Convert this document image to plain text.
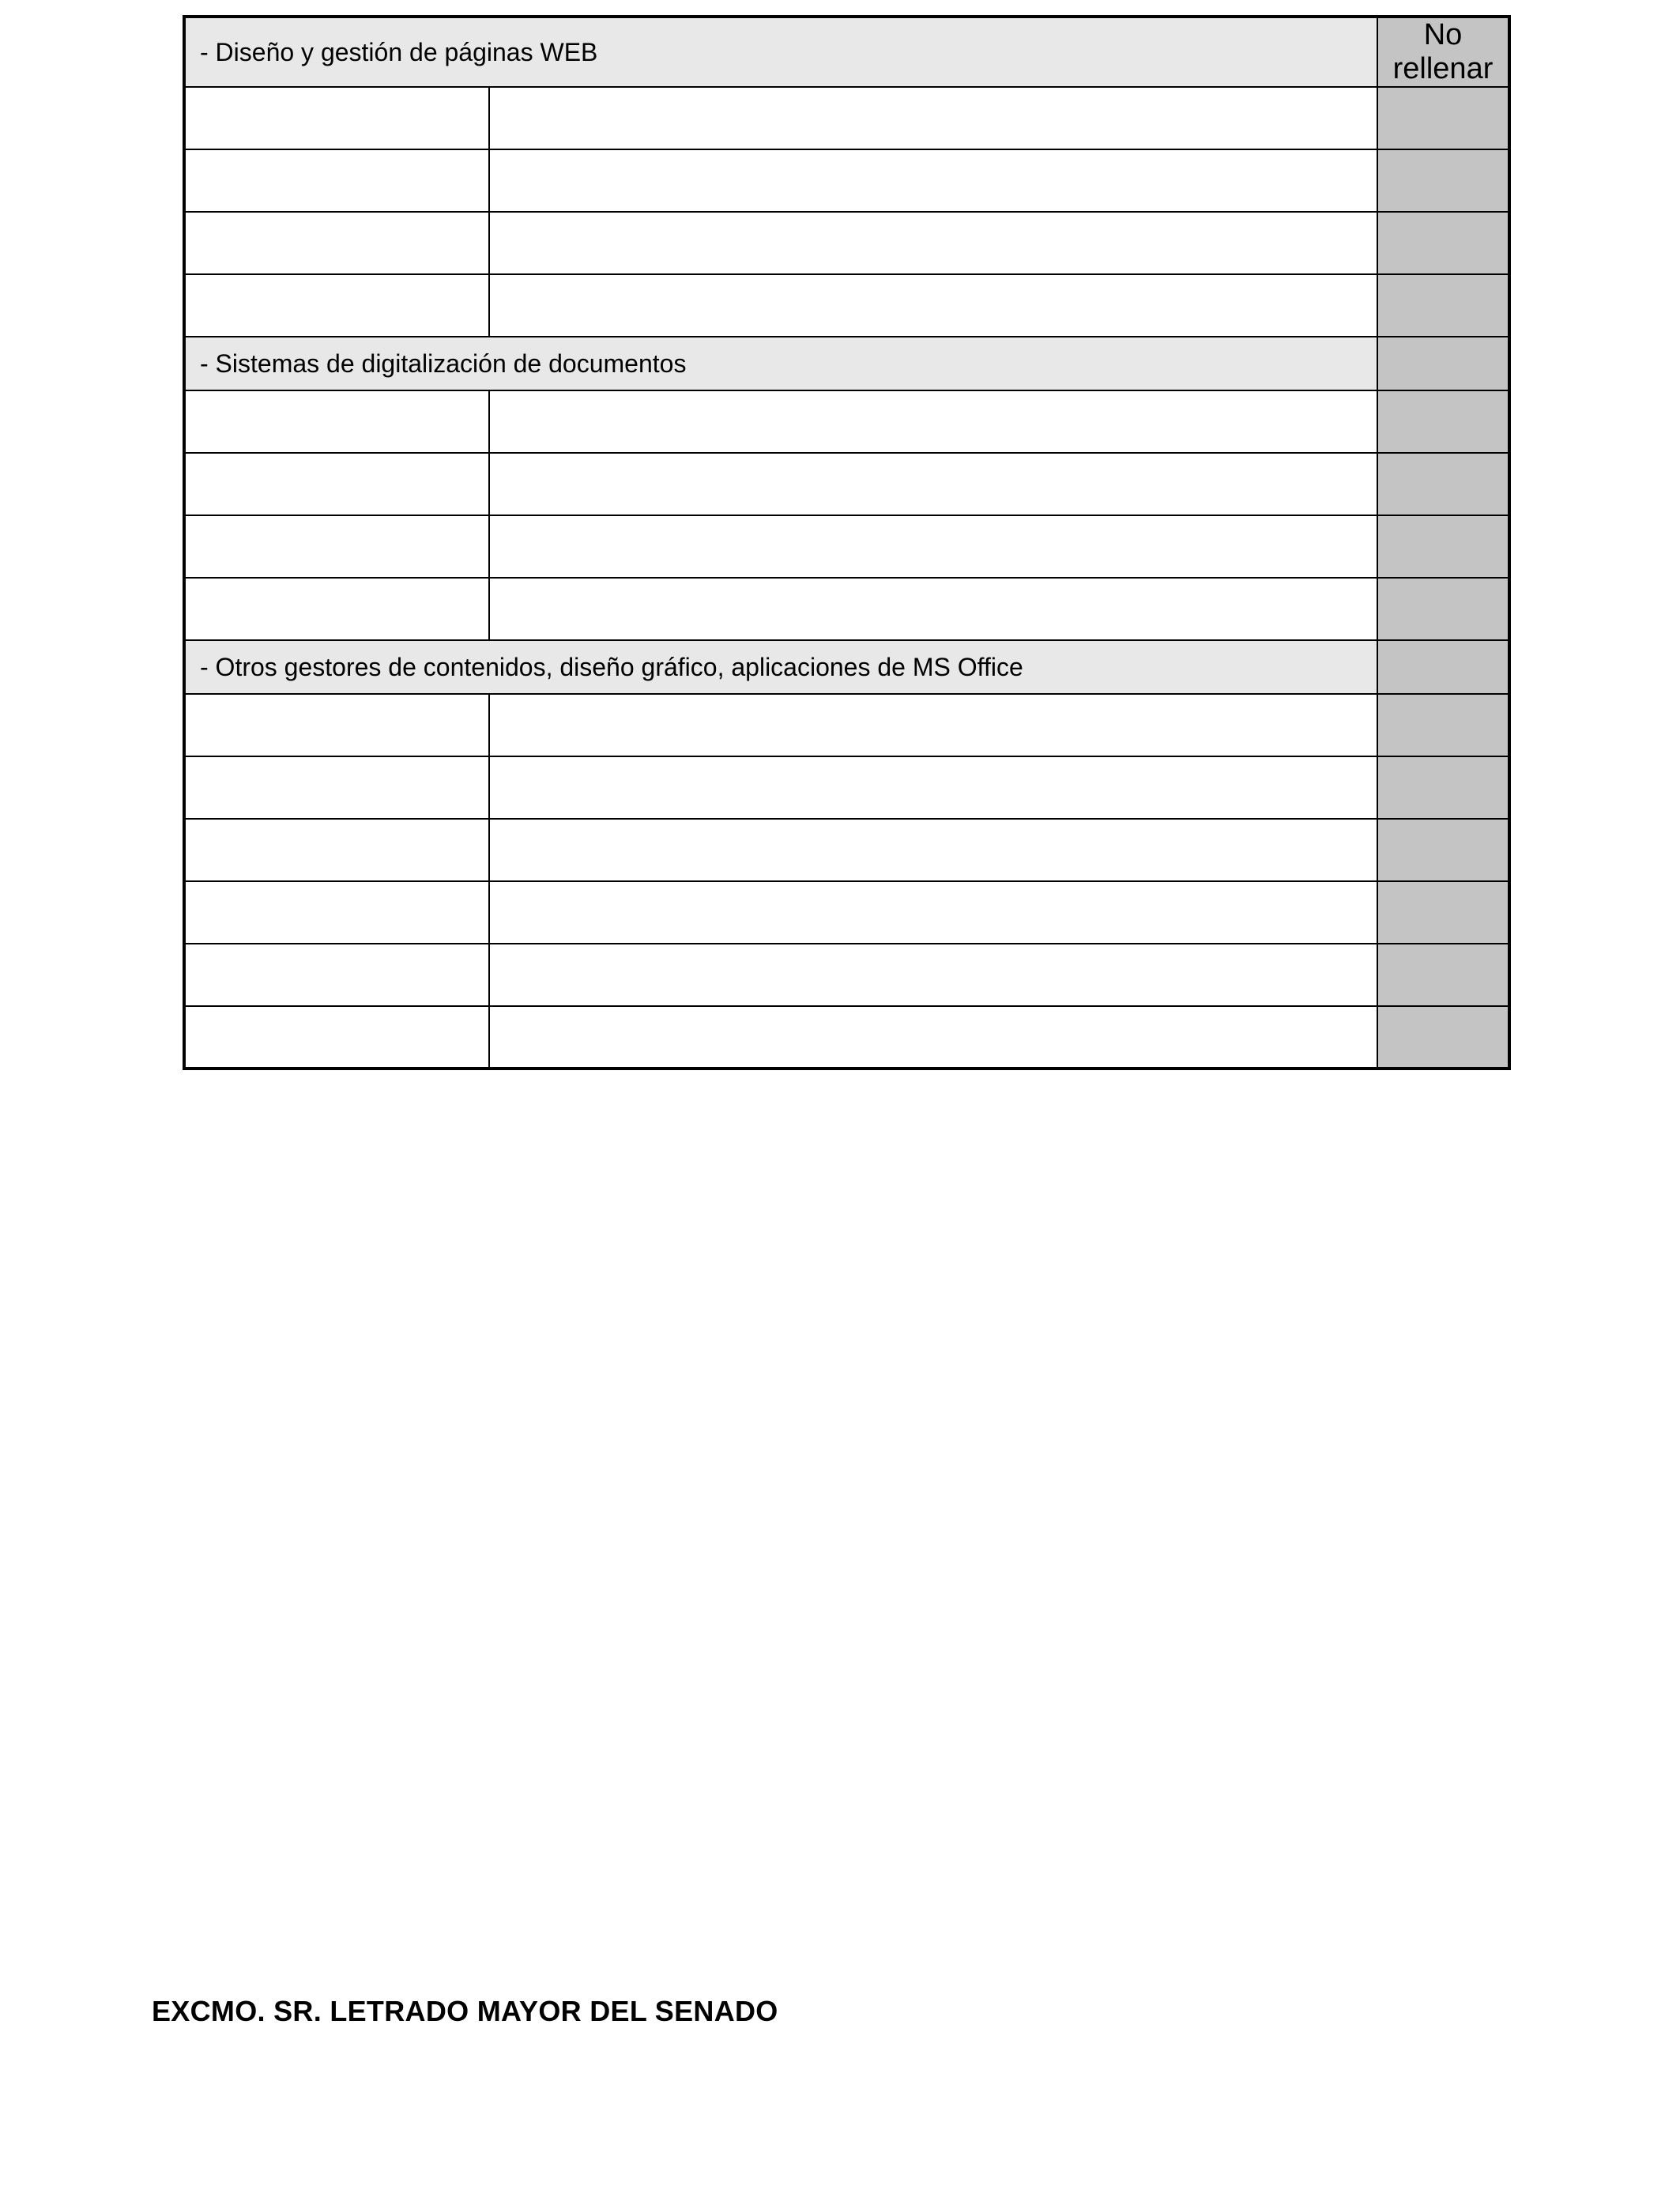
- Diseño y gestión de páginas WEB		No rellenar

- Sistemas de digitalización de documentos		

- Otros gestores de contenidos, diseño gráfico, aplicaciones de MS Office		

EXCMO. SR. LETRADO MAYOR DEL SENADO
